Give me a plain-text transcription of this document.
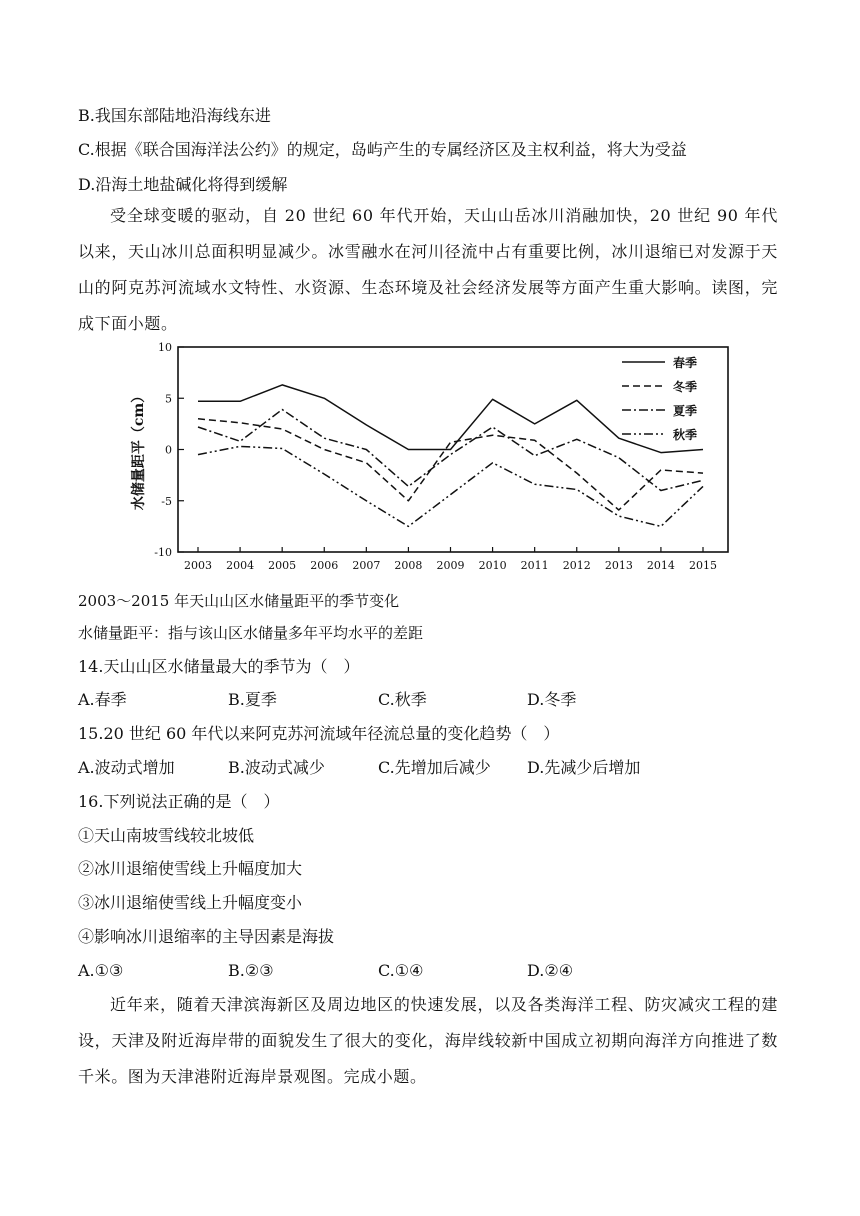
B.我国东部陆地沿海线东进
C.根据《联合国海洋法公约》的规定，岛屿产生的专属经济区及主权利益，将大为受益
D.沿海土地盐碱化将得到缓解
受全球变暖的驱动，自 20 世纪 60 年代开始，天山山岳冰川消融加快，20 世纪 90 年代以来，天山冰川总面积明显减少。冰雪融水在河川径流中占有重要比例，冰川退缩已对发源于天山的阿克苏河流域水文特性、水资源、生态环境及社会经济发展等方面产生重大影响。读图，完成下面小题。
10
5
0
-5
-10
2003 2004 2005 2006 2007 2008 2009 2010 2011 2012 2013 2014 2015
水储量距平（cm）
春季
冬季
夏季
秋季
2003～2015 年天山山区水储量距平的季节变化
水储量距平：指与该山区水储量多年平均水平的差距
14.天山山区水储量最大的季节为（　）
A.春季	B.夏季	C.秋季	D.冬季
15.20 世纪 60 年代以来阿克苏河流域年径流总量的变化趋势（　）
A.波动式增加	B.波动式减少	C.先增加后减少 D.先减少后增加
16.下列说法正确的是（　）
①天山南坡雪线较北坡低
②冰川退缩使雪线上升幅度加大
③冰川退缩使雪线上升幅度变小
④影响冰川退缩率的主导因素是海拔
A.①③	B.②③	C.①④	D.②④
近年来，随着天津滨海新区及周边地区的快速发展，以及各类海洋工程、防灾减灾工程的建设，天津及附近海岸带的面貌发生了很大的变化，海岸线较新中国成立初期向海洋方向推进了数千米。图为天津港附近海岸景观图。完成小题。
